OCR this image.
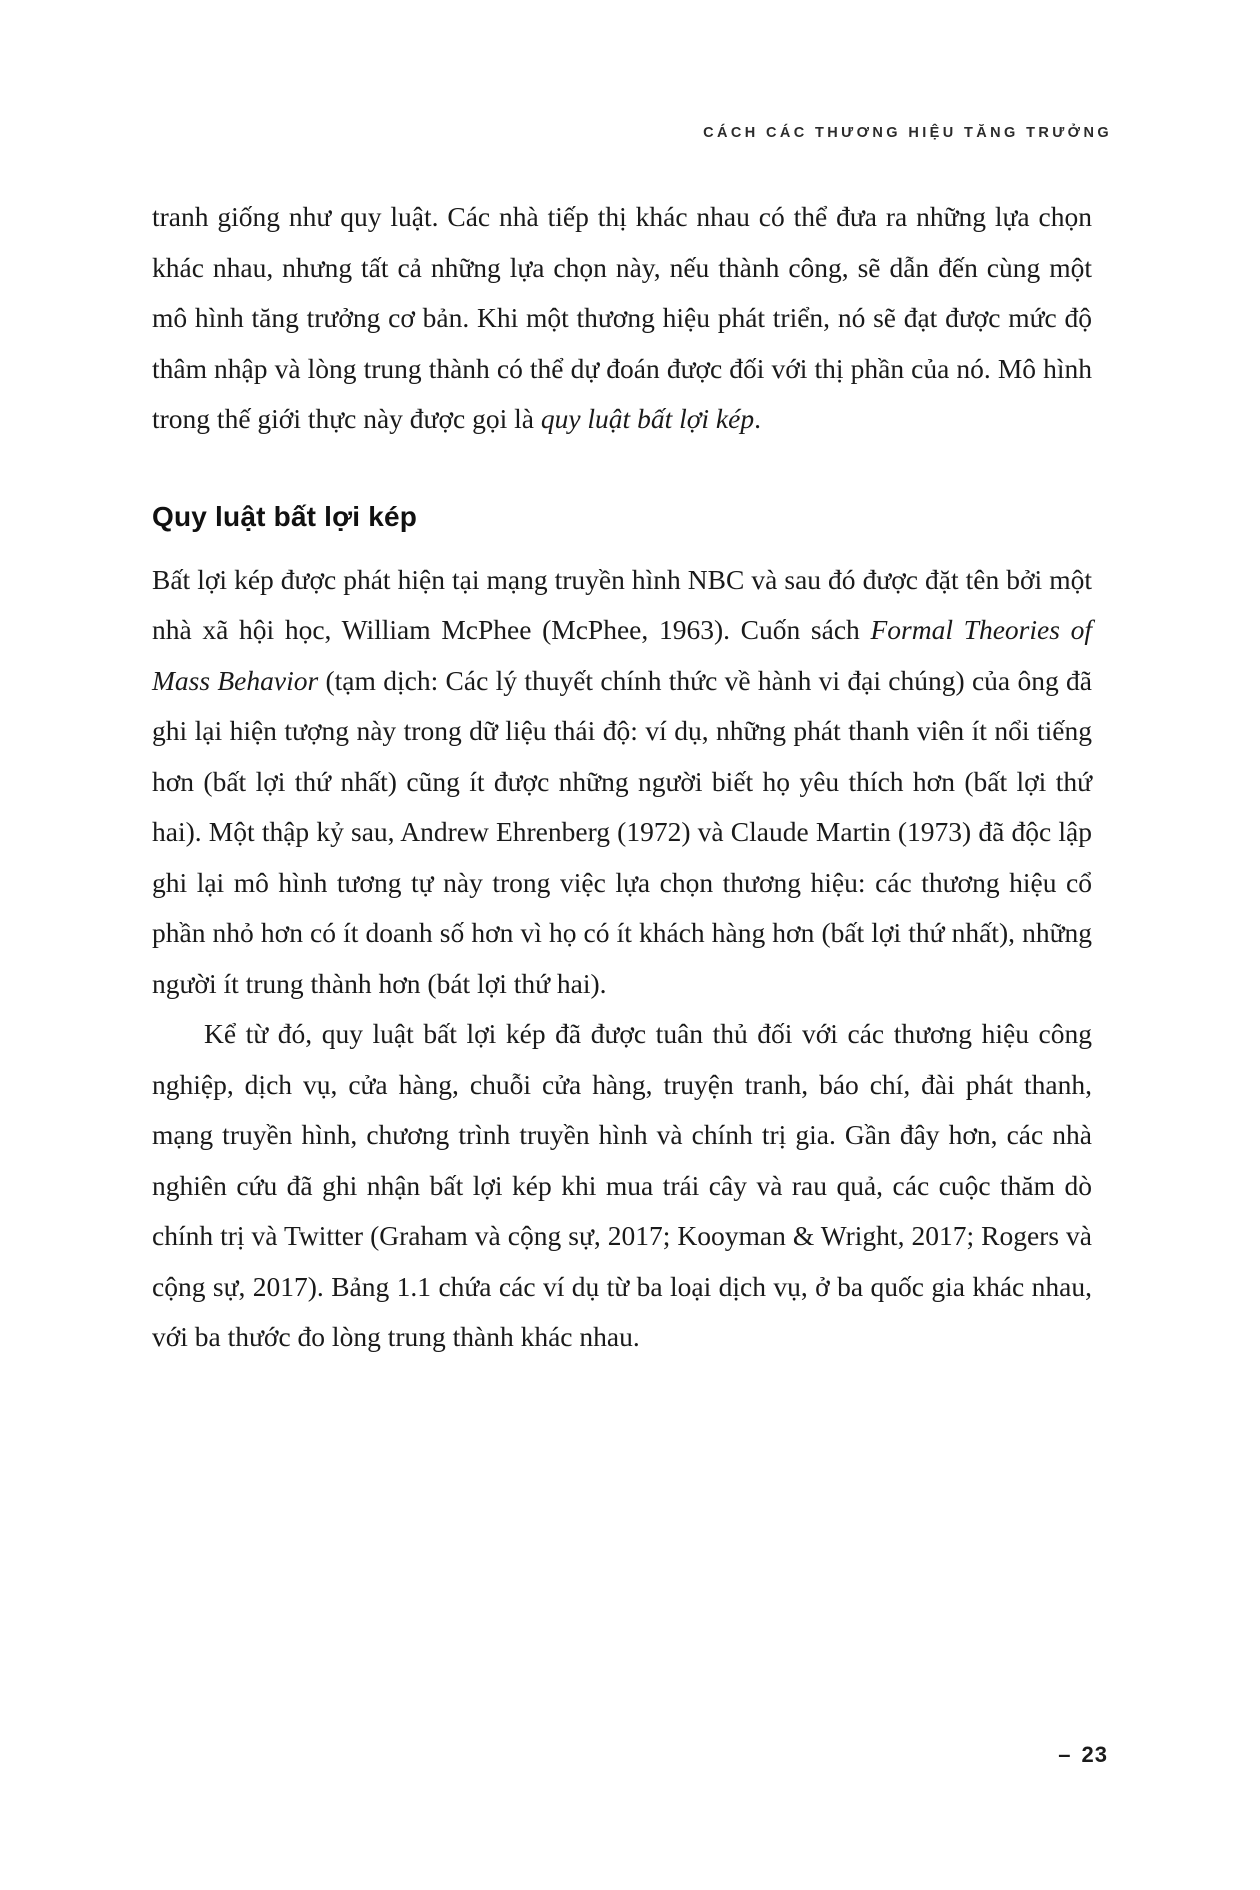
CÁCH CÁC THƯƠNG HIỆU TĂNG TRƯỞNG

tranh giống như quy luật. Các nhà tiếp thị khác nhau có thể đưa ra những lựa chọn khác nhau, nhưng tất cả những lựa chọn này, nếu thành công, sẽ dẫn đến cùng một mô hình tăng trưởng cơ bản. Khi một thương hiệu phát triển, nó sẽ đạt được mức độ thâm nhập và lòng trung thành có thể dự đoán được đối với thị phần của nó. Mô hình trong thế giới thực này được gọi là quy luật bất lợi kép.

Quy luật bất lợi kép

Bất lợi kép được phát hiện tại mạng truyền hình NBC và sau đó được đặt tên bởi một nhà xã hội học, William McPhee (McPhee, 1963). Cuốn sách Formal Theories of Mass Behavior (tạm dịch: Các lý thuyết chính thức về hành vi đại chúng) của ông đã ghi lại hiện tượng này trong dữ liệu thái độ: ví dụ, những phát thanh viên ít nổi tiếng hơn (bất lợi thứ nhất) cũng ít được những người biết họ yêu thích hơn (bất lợi thứ hai). Một thập kỷ sau, Andrew Ehrenberg (1972) và Claude Martin (1973) đã độc lập ghi lại mô hình tương tự này trong việc lựa chọn thương hiệu: các thương hiệu cổ phần nhỏ hơn có ít doanh số hơn vì họ có ít khách hàng hơn (bất lợi thứ nhất), những người ít trung thành hơn (bát lợi thứ hai).

Kể từ đó, quy luật bất lợi kép đã được tuân thủ đối với các thương hiệu công nghiệp, dịch vụ, cửa hàng, chuỗi cửa hàng, truyện tranh, báo chí, đài phát thanh, mạng truyền hình, chương trình truyền hình và chính trị gia. Gần đây hơn, các nhà nghiên cứu đã ghi nhận bất lợi kép khi mua trái cây và rau quả, các cuộc thăm dò chính trị và Twitter (Graham và cộng sự, 2017; Kooyman & Wright, 2017; Rogers và cộng sự, 2017). Bảng 1.1 chứa các ví dụ từ ba loại dịch vụ, ở ba quốc gia khác nhau, với ba thước đo lòng trung thành khác nhau.

– 23
